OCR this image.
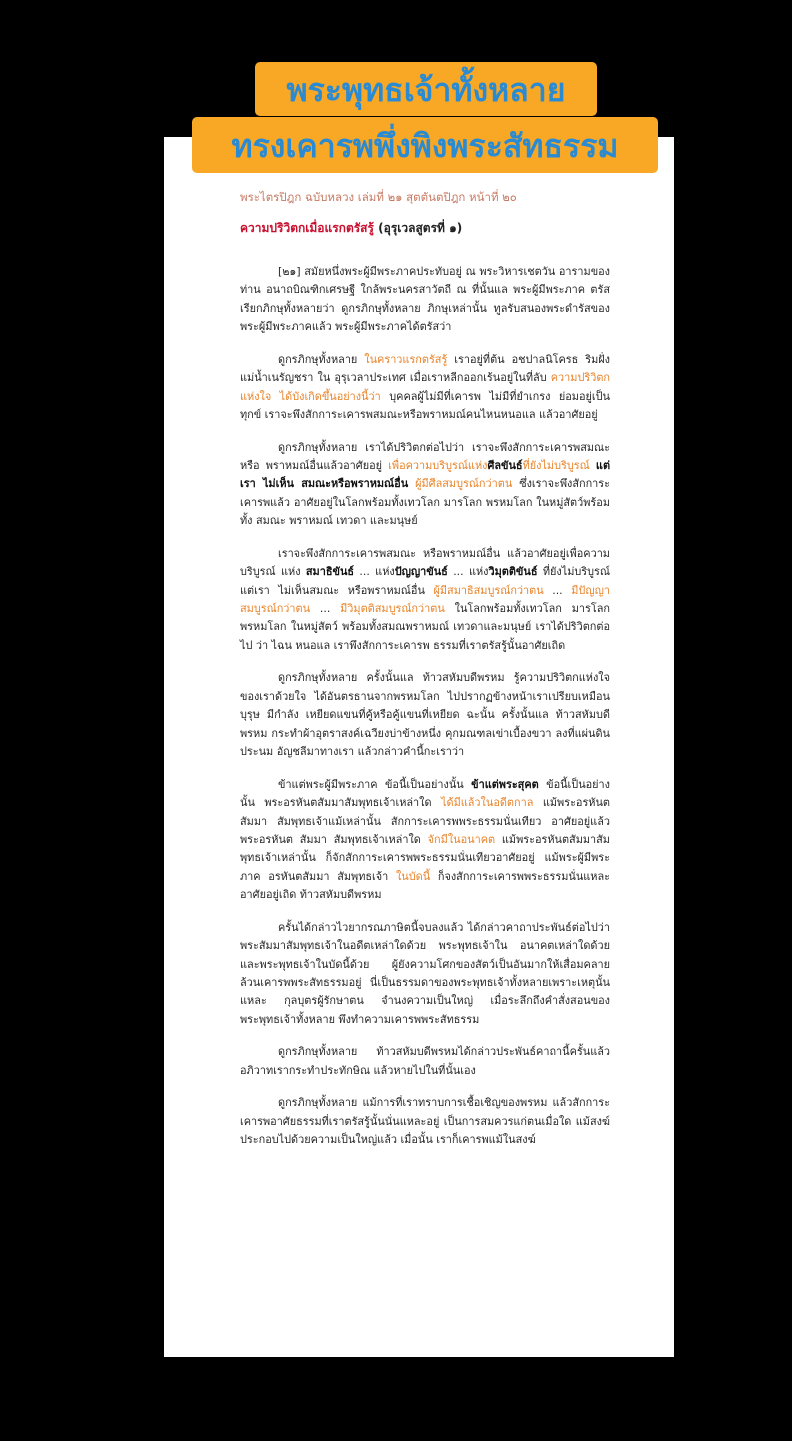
พระพุทธเจ้าทั้งหลาย
ทรงเคารพพึ่งพิงพระสัทธรรม
พระไตรปิฎก ฉบับหลวง เล่มที่ ๒๑ สุตตันตปิฎก หน้าที่ ๒๐
ความปริวิตกเมื่อแรกตรัสรู้ (อุรุเวลสูตรที่ ๑)

[๒๑] สมัยหนึ่งพระผู้มีพระภาคประทับอยู่ ณ พระวิหารเชตวัน อารามของท่าน อนาถบิณฑิกเศรษฐี ใกล้พระนครสาวัตถี ณ ที่นั้นแล พระผู้มีพระภาค ตรัสเรียกภิกษุทั้งหลายว่า ดูกรภิกษุทั้งหลาย ภิกษุเหล่านั้น ทูลรับสนองพระดำรัสของ พระผู้มีพระภาคแล้ว พระผู้มีพระภาคได้ตรัสว่า

ดูกรภิกษุทั้งหลาย ในคราวแรกตรัสรู้ เราอยู่ที่ต้น อชปาลนิโครธ ริมฝั่ง แม่น้ำเนรัญชรา ใน อุรุเวลาประเทศ เมื่อเราหลีกออกเร้นอยู่ในที่ลับ ความปริวิตก แห่งใจ ได้บังเกิดขึ้นอย่างนี้ว่า บุคคลผู้ไม่มีที่เคารพ ไม่มีที่ยำเกรง ย่อมอยู่เป็นทุกข์ เราจะพึงสักการะเคารพสมณะหรือพราหมณ์คนไหนหนอแล แล้วอาศัยอยู่

ดูกรภิกษุทั้งหลาย เราได้ปริวิตกต่อไปว่า เราจะพึงสักการะเคารพสมณะ หรือ พราหมณ์อื่นแล้วอาศัยอยู่ เพื่อความบริบูรณ์แห่งศีลขันธ์ที่ยังไม่บริบูรณ์ แต่เรา ไม่เห็น สมณะหรือพราหมณ์อื่น ผู้มีศีลสมบูรณ์กว่าตน ซึ่งเราจะพึงสักการะ เคารพแล้ว อาศัยอยู่ในโลกพร้อมทั้งเทวโลก มารโลก พรหมโลก ในหมู่สัตว์พร้อมทั้ง สมณะ พราหมณ์ เทวดา และมนุษย์

เราจะพึงสักการะเคารพสมณะ หรือพราหมณ์อื่น แล้วอาศัยอยู่เพื่อความ บริบูรณ์ แห่ง สมาธิขันธ์ ... แห่งปัญญาขันธ์ ... แห่งวิมุตติขันธ์ ที่ยังไม่บริบูรณ์ แต่เรา ไม่เห็นสมณะ หรือพราหมณ์อื่น ผู้มีสมาธิสมบูรณ์กว่าตน ... มีปัญญา สมบูรณ์กว่าตน ... มีวิมุตติสมบูรณ์กว่าตน ในโลกพร้อมทั้งเทวโลก มารโลก พรหมโลก ในหมู่สัตว์ พร้อมทั้งสมณพราหมณ์ เทวดาและมนุษย์ เราได้ปริวิตกต่อไป ว่า ไฉน หนอแล เราพึงสักการะเคารพ ธรรมที่เราตรัสรู้นั้นอาศัยเถิด

ดูกรภิกษุทั้งหลาย ครั้งนั้นแล ท้าวสหัมบดีพรหม รู้ความปริวิตกแห่งใจ ของเราด้วยใจ ได้อันตรธานจากพรหมโลก ไปปรากฏข้างหน้าเราเปรียบเหมือนบุรุษ มีกำลัง เหยียดแขนที่คู้หรือคู้แขนที่เหยียด ฉะนั้น ครั้งนั้นแล ท้าวสหัมบดีพรหม กระทำผ้าอุตราสงค์เฉวียงบ่าข้างหนึ่ง คุกมณฑลเข่าเบื้องขวา ลงที่แผ่นดินประนม อัญชลีมาทางเรา แล้วกล่าวคำนี้กะเราว่า

ข้าแต่พระผู้มีพระภาค ข้อนี้เป็นอย่างนั้น ข้าแต่พระสุคต ข้อนี้เป็นอย่างนั้น พระอรหันตสัมมาสัมพุทธเจ้าเหล่าใด ได้มีแล้วในอดีตกาล แม้พระอรหันตสัมมา สัมพุทธเจ้าแม้เหล่านั้น สักการะเคารพพระธรรมนั่นเทียว อาศัยอยู่แล้ว พระอรหันต สัมมา สัมพุทธเจ้าเหล่าใด จักมีในอนาคต แม้พระอรหันตสัมมาสัมพุทธเจ้าเหล่านั้น ก็จักสักการะเคารพพระธรรมนั่นเทียวอาศัยอยู่ แม้พระผู้มีพระภาค อรหันตสัมมา สัมพุทธเจ้า ในบัดนี้ ก็จงสักการะเคารพพระธรรมนั่นแหละ อาศัยอยู่เถิด ท้าวสหัมบดีพรหม

ครั้นได้กล่าวไวยากรณภาษิตนี้จบลงแล้ว ได้กล่าวคาถาประพันธ์ต่อไปว่า พระสัมมาสัมพุทธเจ้าในอดีตเหล่าใดด้วย พระพุทธเจ้าใน อนาคตเหล่าใดด้วย และพระพุทธเจ้าในบัดนี้ด้วย ผู้ยังความโศกของสัตว์เป็นอันมากให้เสื่อมคลาย ล้วนเคารพพระสัทธรรมอยู่ นี่เป็นธรรมดาของพระพุทธเจ้าทั้งหลายเพราะเหตุนั้นแหละ กุลบุตรผู้รักษาตน จำนงความเป็นใหญ่ เมื่อระลึกถึงคำสั่งสอนของพระพุทธเจ้าทั้งหลาย พึงทำความเคารพพระสัทธรรม

ดูกรภิกษุทั้งหลาย ท้าวสหัมบดีพรหมได้กล่าวประพันธ์คาถานี้ครั้นแล้ว อภิวาทเรากระทำประทักษิณ แล้วหายไปในที่นั้นเอง

ดูกรภิกษุทั้งหลาย แม้การที่เราทราบการเชื้อเชิญของพรหม แล้วสักการะ เคารพอาศัยธรรมที่เราตรัสรู้นั้นนั่นแหละอยู่ เป็นการสมควรแก่ตนเมื่อใด แม้สงฆ์ ประกอบไปด้วยความเป็นใหญ่แล้ว เมื่อนั้น เราก็เคารพแม้ในสงฆ์
